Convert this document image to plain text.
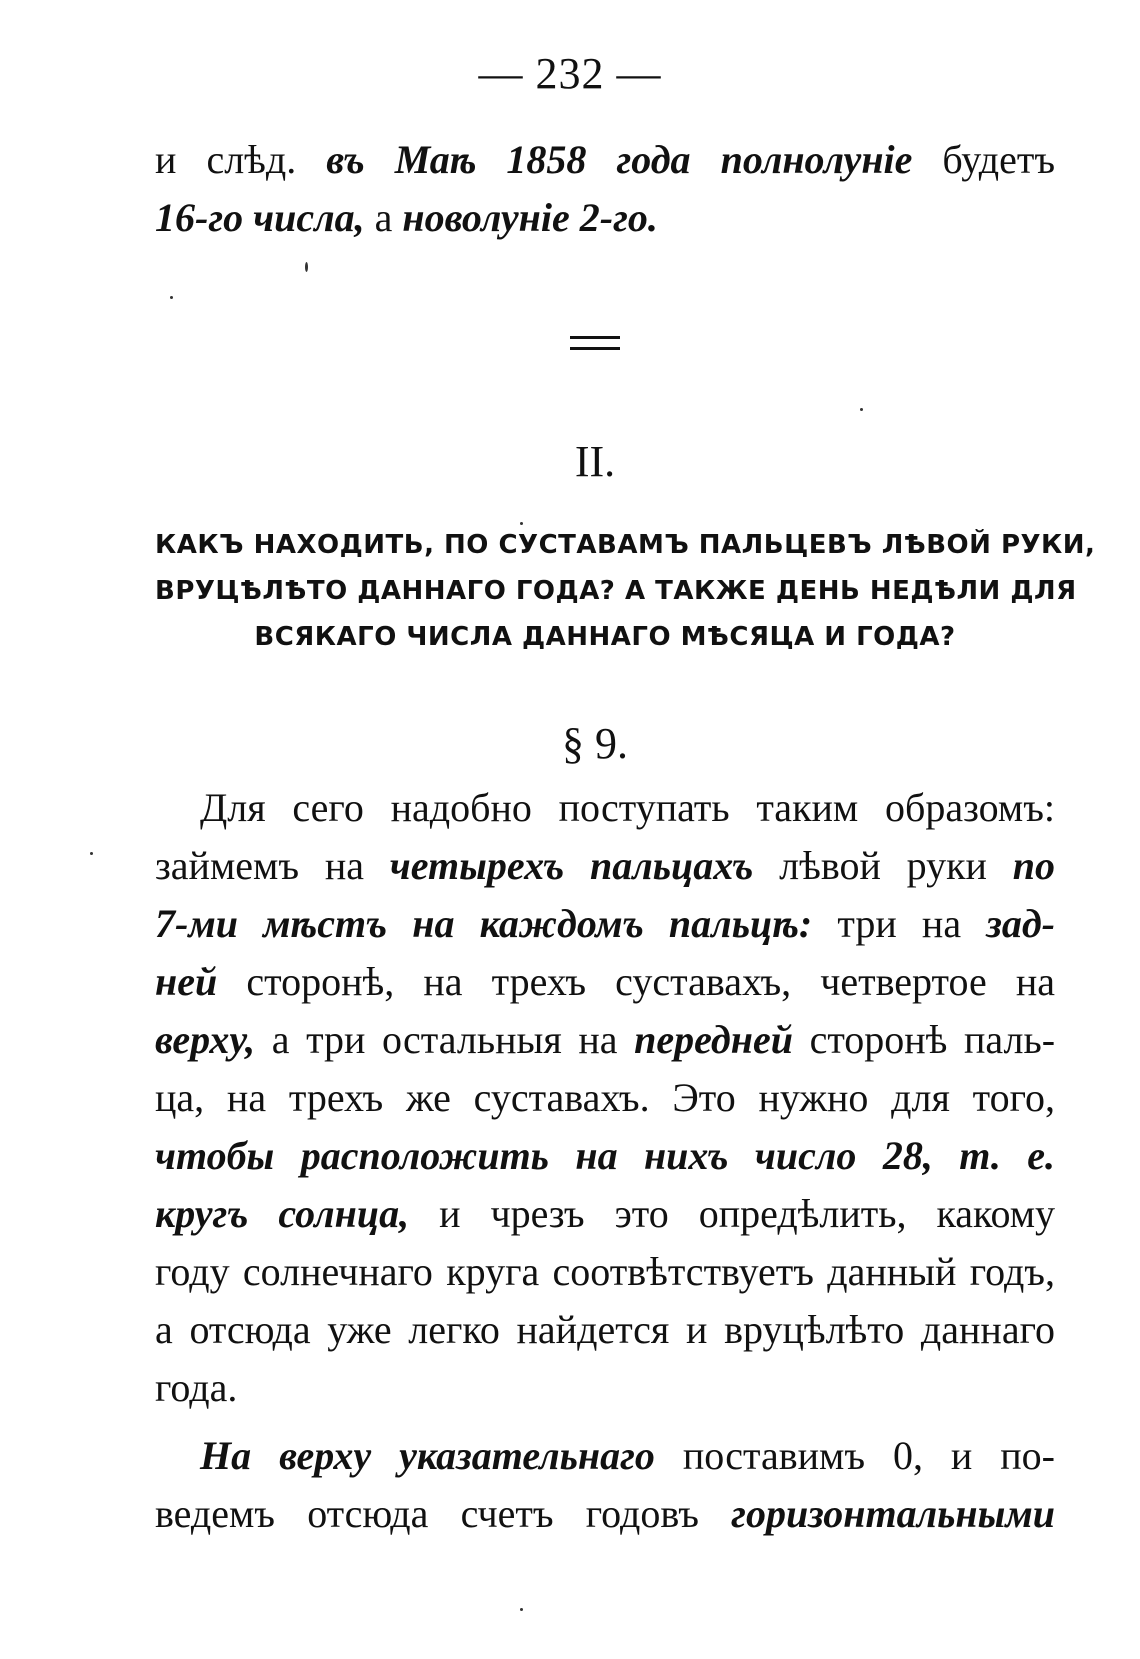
— 232 —
и слѣд. въ Маѣ 1858 года полнолуніе будетъ
16-го числа, а новолуніе 2-го.
II.
КАКЪ НАХОДИТЬ, ПО СУСТАВАМЪ ПАЛЬЦЕВЪ ЛѢВОЙ РУКИ,
ВРУЦѢЛѢТО ДАННАГО ГОДА? А ТАКЖЕ ДЕНЬ НЕДѢЛИ ДЛЯ
ВСЯКАГО ЧИСЛА ДАННАГО МѢСЯЦА И ГОДА?
§ 9.
Для сего надобно поступать таким образомъ:
займемъ на четырехъ пальцахъ лѣвой руки по
7-ми мѣстъ на каждомъ пальцѣ: три на зад-
ней сторонѣ, на трехъ суставахъ, четвертое на
верху, а три остальныя на передней сторонѣ паль-
ца, на трехъ же суставахъ. Это нужно для того,
чтобы расположить на нихъ число 28, т. е.
кругъ солнца, и чрезъ это опредѣлить, какому
году солнечнаго круга соотвѣтствуетъ данный годъ,
а отсюда уже легко найдется и вруцѣлѣто даннаго
года.
На верху указательнаго поставимъ 0, и по-
ведемъ отсюда счетъ годовъ горизонтальными
